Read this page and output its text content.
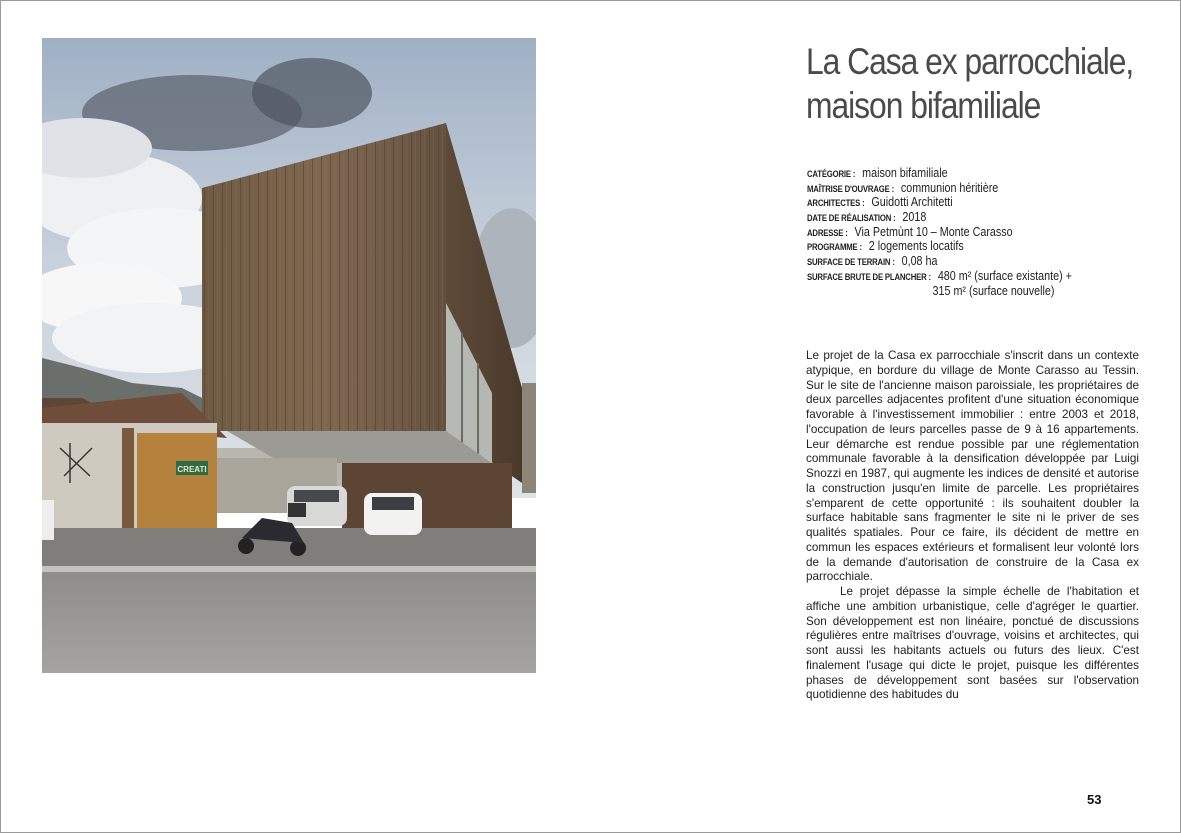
CREATI
La Casa ex parrocchiale,
maison bifamiliale
CATÉGORIE : maison bifamiliale
MAÎTRISE D'OUVRAGE : communion héritière
ARCHITECTES : Guidotti Architetti
DATE DE RÉALISATION : 2018
ADRESSE : Via Petmùnt 10 – Monte Carasso
PROGRAMME : 2 logements locatifs
SURFACE DE TERRAIN : 0,08 ha
SURFACE BRUTE DE PLANCHER : 480 m² (surface existante) +
315 m² (surface nouvelle)

Le projet de la Casa ex parrocchiale s'inscrit dans un contexte atypique, en bordure du village de Monte Carasso au Tessin. Sur le site de l'ancienne maison paroissiale, les propriétaires de deux parcelles adjacentes profitent d'une situation économique favorable à l'investissement immobilier : entre 2003 et 2018, l'occupation de leurs parcelles passe de 9 à 16 appartements. Leur démarche est rendue possible par une réglementation communale favorable à la densification développée par Luigi Snozzi en 1987, qui augmente les indices de densité et autorise la construction jusqu'en limite de parcelle. Les propriétaires s'emparent de cette opportunité : ils souhaitent doubler la surface habitable sans fragmenter le site ni le priver de ses qualités spatiales. Pour ce faire, ils décident de mettre en commun les espaces extérieurs et formalisent leur volonté lors de la demande d'autorisation de construire de la Casa ex parrocchiale.

Le projet dépasse la simple échelle de l'habitation et affiche une ambition urbanistique, celle d'agréger le quartier. Son développement est non linéaire, ponctué de discussions régulières entre maîtrises d'ouvrage, voisins et architectes, qui sont aussi les habitants actuels ou futurs des lieux. C'est finalement l'usage qui dicte le projet, puisque les différentes phases de développement sont basées sur l'observation quotidienne des habitudes du

53
